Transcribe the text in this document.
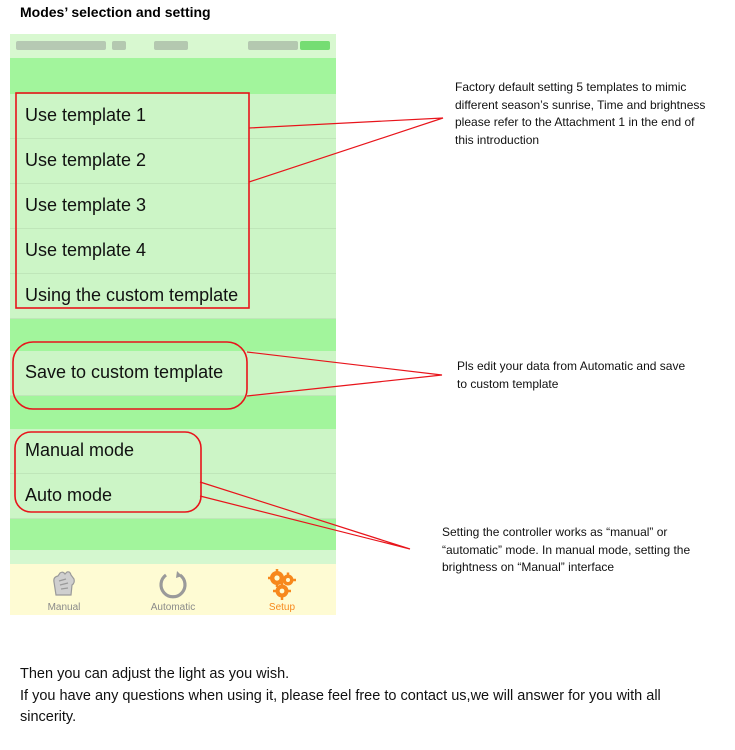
Modes’ selection and setting
Use template 1
Use template 2
Use template 3
Use template 4
Using the custom template
Save to custom template
Manual mode
Auto mode
Manual	Automatic	Setup
Factory default setting 5 templates to mimic
different season’s sunrise, Time and brightness
please refer to the Attachment 1 in the end of
this introduction
Pls edit your data from Automatic and save
to custom template
Setting the controller works as “manual” or
“automatic” mode. In manual mode, setting the
brightness on “Manual” interface
Then you can adjust the light as you wish.
If you have any questions when using it, please feel free to contact us,we will answer for you with all
sincerity.
